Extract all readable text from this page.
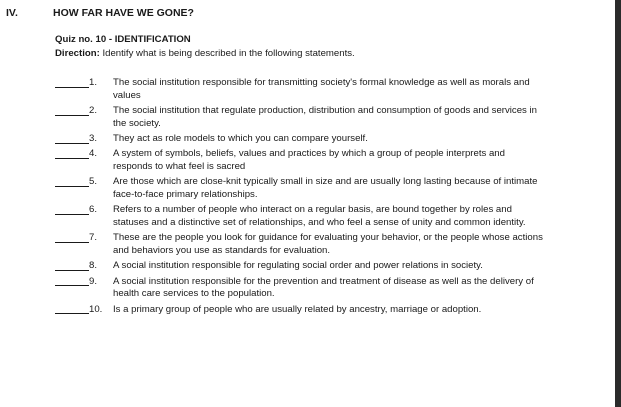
IV.	HOW FAR HAVE WE GONE?
Quiz no. 10 - IDENTIFICATION
Direction: Identify what is being described in the following statements.
1.	The social institution responsible for transmitting society's formal knowledge as well as morals and values
2.	The social institution that regulate production, distribution and consumption of goods and services in the society.
3.	They act as role models to which you can compare yourself.
4.	A system of symbols, beliefs, values and practices by which a group of people interprets and responds to what feel is sacred
5.	Are those which are close-knit typically small in size and are usually long lasting because of intimate face-to-face primary relationships.
6.	Refers to a number of people who interact on a regular basis, are bound together by roles and statuses and a distinctive set of relationships, and who feel a sense of unity and common identity.
7.	These are the people you look for guidance for evaluating your behavior, or the people whose actions and behaviors you use as standards for evaluation.
8.	A social institution responsible for regulating social order and power relations in society.
9.	A social institution responsible for the prevention and treatment of disease as well as the delivery of health care services to the population.
10.	Is a primary group of people who are usually related by ancestry, marriage or adoption.
